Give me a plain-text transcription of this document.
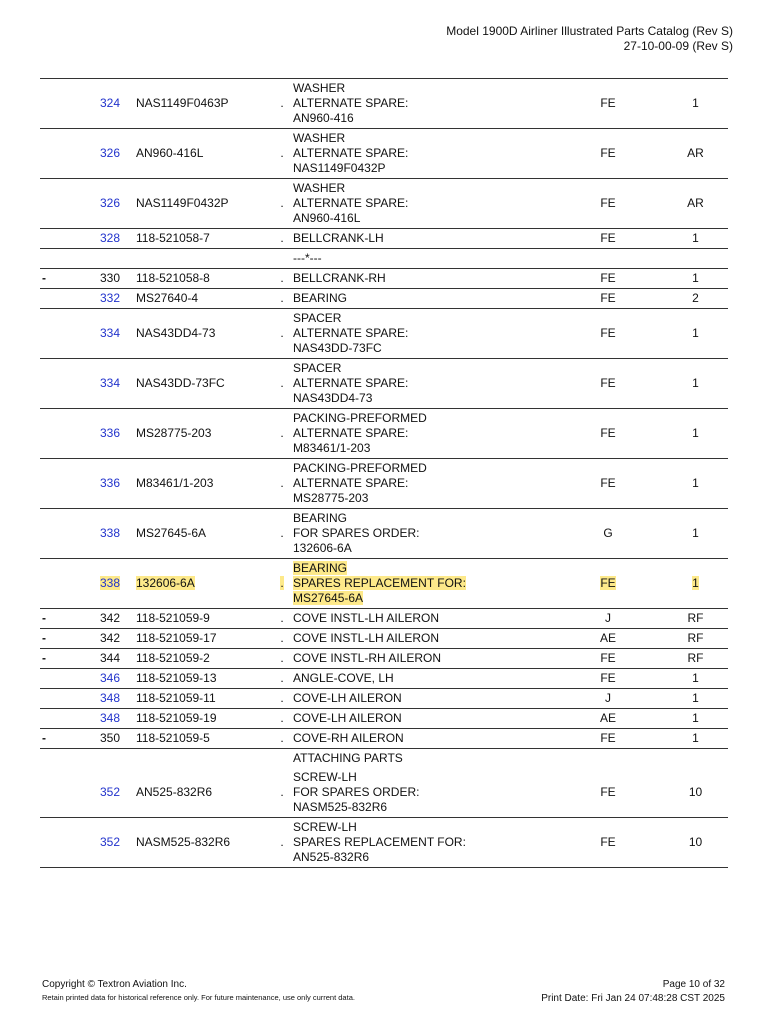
Model 1900D Airliner Illustrated Parts Catalog (Rev S)
27-10-00-09 (Rev S)
	324	NAS1149F0463P	.	WASHER
ALTERNATE SPARE:
AN960-416	FE	1
	326	AN960-416L	.	WASHER
ALTERNATE SPARE:
NAS1149F0432P	FE	AR
	326	NAS1149F0432P	.	WASHER
ALTERNATE SPARE:
AN960-416L	FE	AR
	328	118-521058-7	.	BELLCRANK-LH	FE	1

				---*---		

-	330	118-521058-8	.	BELLCRANK-RH	FE	1
	332	MS27640-4	.	BEARING	FE	2
	334	NAS43DD4-73	.	SPACER
ALTERNATE SPARE:
NAS43DD-73FC	FE	1
	334	NAS43DD-73FC	.	SPACER
ALTERNATE SPARE:
NAS43DD4-73	FE	1
	336	MS28775-203	.	PACKING-PREFORMED
ALTERNATE SPARE:
M83461/1-203	FE	1
	336	M83461/1-203	.	PACKING-PREFORMED
ALTERNATE SPARE:
MS28775-203	FE	1
	338	MS27645-6A	.	BEARING
FOR SPARES ORDER:
132606-6A	G	1
	338	132606-6A	.	BEARING
SPARES REPLACEMENT FOR:
MS27645-6A	FE	1
-	342	118-521059-9	.	COVE INSTL-LH AILERON	J	RF
-	342	118-521059-17	.	COVE INSTL-LH AILERON	AE	RF
-	344	118-521059-2	.	COVE INSTL-RH AILERON	FE	RF
	346	118-521059-13	.	ANGLE-COVE, LH	FE	1
	348	118-521059-11	.	COVE-LH AILERON	J	1
	348	118-521059-19	.	COVE-LH AILERON	AE	1
-	350	118-521059-5	.	COVE-RH AILERON	FE	1

				ATTACHING PARTS		

	352	AN525-832R6	.	SCREW-LH
FOR SPARES ORDER:
NASM525-832R6	FE	10
	352	NASM525-832R6	.	SCREW-LH
SPARES REPLACEMENT FOR:
AN525-832R6	FE	10
Copyright © Textron Aviation Inc.
Retain printed data for historical reference only. For future maintenance, use only current data.
Page 10 of 32
Print Date: Fri Jan 24 07:48:28 CST 2025
